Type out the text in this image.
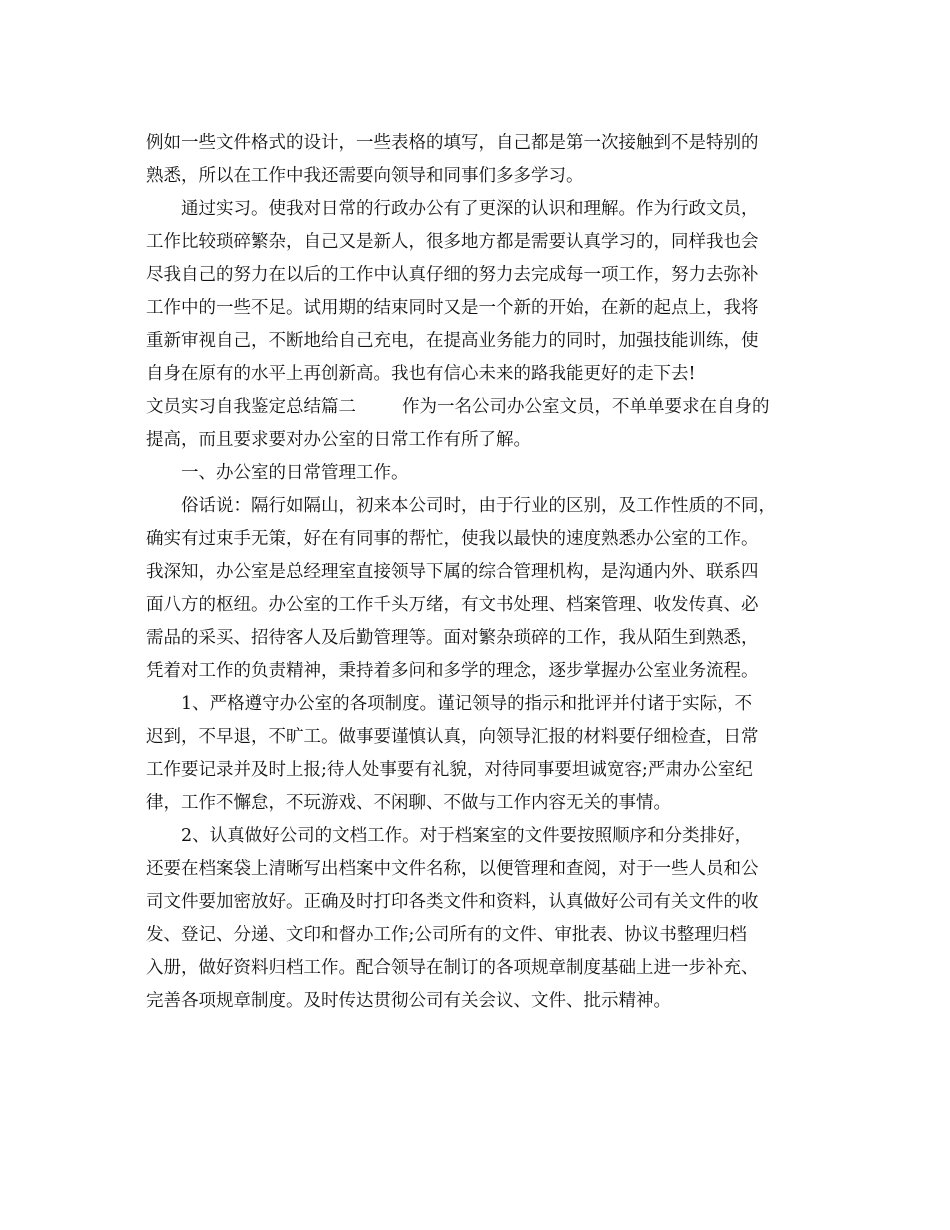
例如一些文件格式的设计，一些表格的填写，自己都是第一次接触到不是特别的
熟悉，所以在工作中我还需要向领导和同事们多多学习。
通过实习。使我对日常的行政办公有了更深的认识和理解。作为行政文员，
工作比较琐碎繁杂，自己又是新人，很多地方都是需要认真学习的，同样我也会
尽我自己的努力在以后的工作中认真仔细的努力去完成每一项工作，努力去弥补
工作中的一些不足。试用期的结束同时又是一个新的开始，在新的起点上，我将
重新审视自己，不断地给自己充电，在提高业务能力的同时，加强技能训练，使
自身在原有的水平上再创新高。我也有信心未来的路我能更好的走下去!
文员实习自我鉴定总结篇二	作为一名公司办公室文员，不单单要求在自身的
提高，而且要求要对办公室的日常工作有所了解。
一、办公室的日常管理工作。
俗话说：隔行如隔山，初来本公司时，由于行业的区别，及工作性质的不同，
确实有过束手无策，好在有同事的帮忙，使我以最快的速度熟悉办公室的工作。
我深知，办公室是总经理室直接领导下属的综合管理机构，是沟通内外、联系四
面八方的枢纽。办公室的工作千头万绪，有文书处理、档案管理、收发传真、必
需品的采买、招待客人及后勤管理等。面对繁杂琐碎的工作，我从陌生到熟悉，
凭着对工作的负责精神，秉持着多问和多学的理念，逐步掌握办公室业务流程。
1、严格遵守办公室的各项制度。谨记领导的指示和批评并付诸于实际，不
迟到，不早退，不旷工。做事要谨慎认真，向领导汇报的材料要仔细检查，日常
工作要记录并及时上报;待人处事要有礼貌，对待同事要坦诚宽容;严肃办公室纪
律，工作不懈怠，不玩游戏、不闲聊、不做与工作内容无关的事情。
2、认真做好公司的文档工作。对于档案室的文件要按照顺序和分类排好，
还要在档案袋上清晰写出档案中文件名称，以便管理和查阅，对于一些人员和公
司文件要加密放好。正确及时打印各类文件和资料，认真做好公司有关文件的收
发、登记、分递、文印和督办工作;公司所有的文件、审批表、协议书整理归档
入册，做好资料归档工作。配合领导在制订的各项规章制度基础上进一步补充、
完善各项规章制度。及时传达贯彻公司有关会议、文件、批示精神。
